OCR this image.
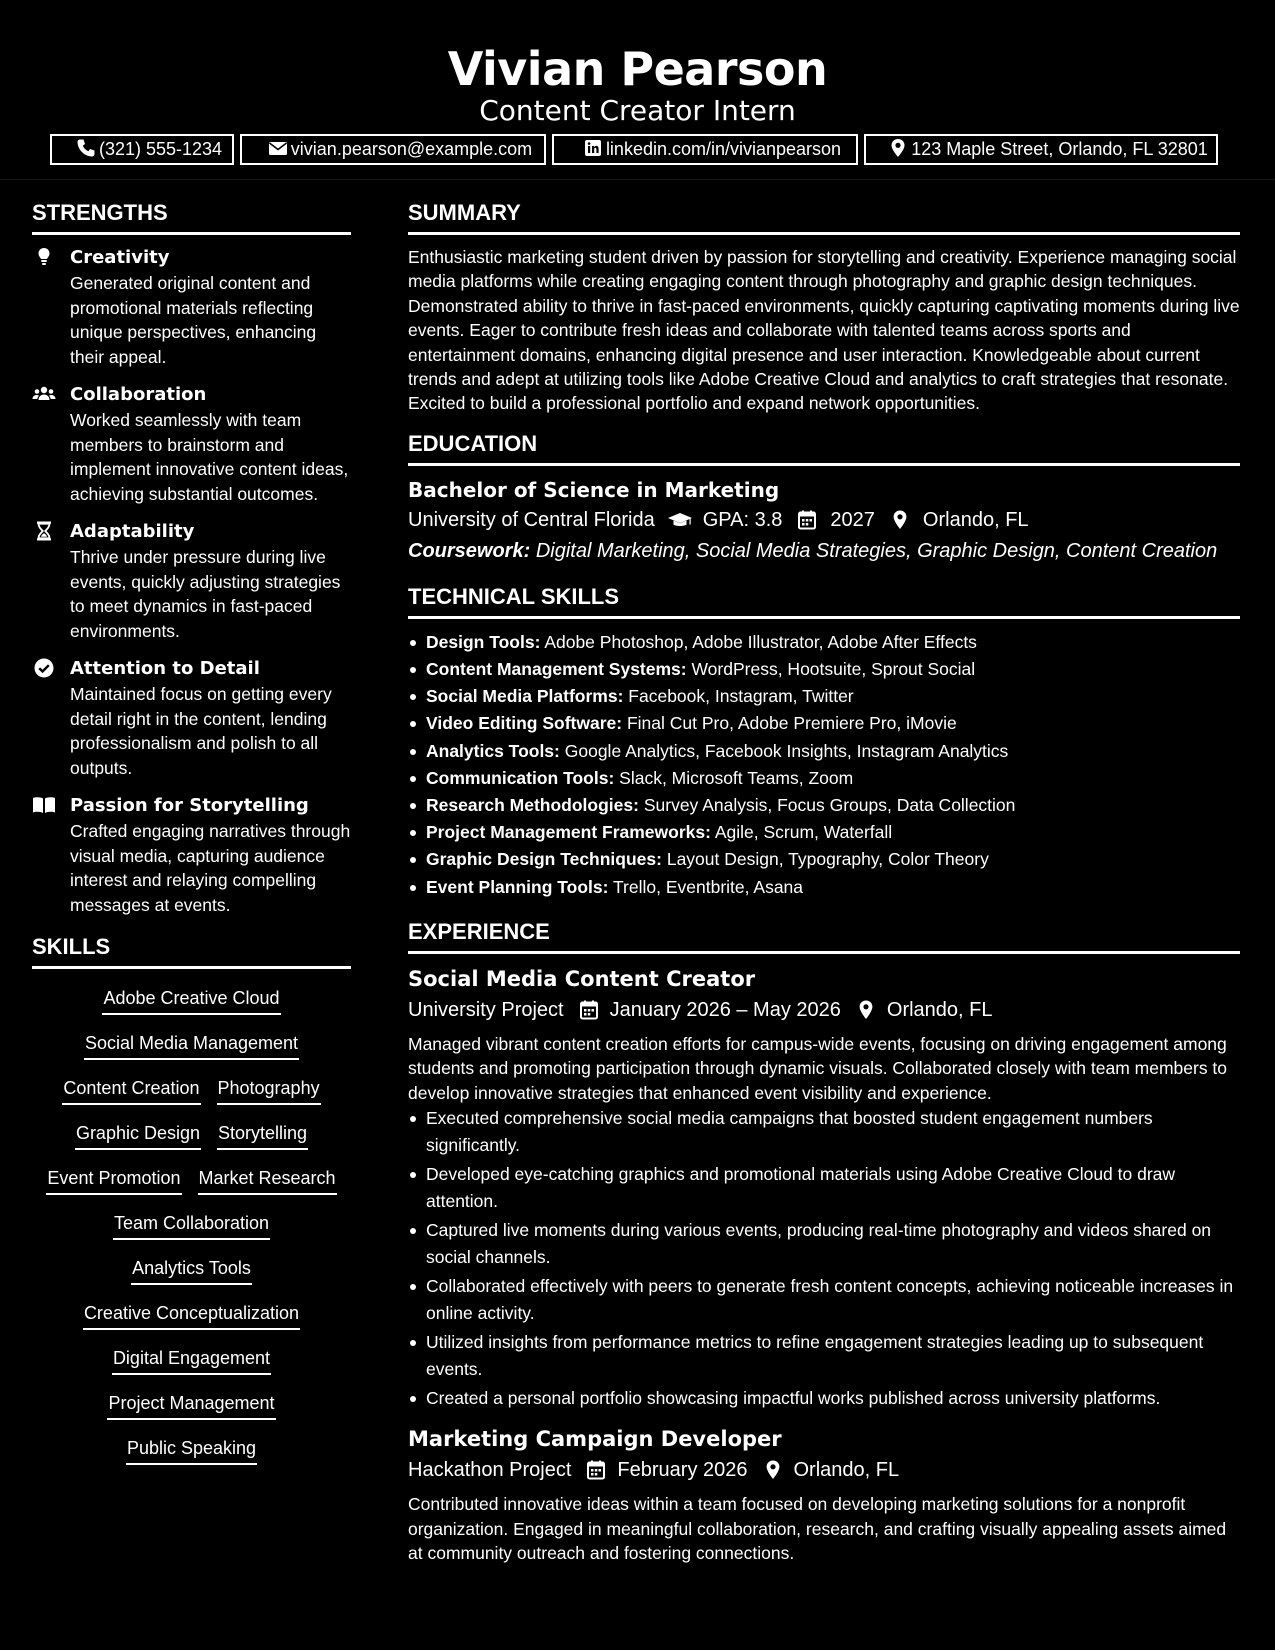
Vivian Pearson
Content Creator Intern
(321) 555-1234	vivian.pearson@example.com	linkedin.com/in/vivianpearson	123 Maple Street, Orlando, FL 32801
STRENGTHS
Creativity
Generated original content and promotional materials reflecting unique perspectives, enhancing their appeal.
Collaboration
Worked seamlessly with team members to brainstorm and implement innovative content ideas, achieving substantial outcomes.
Adaptability
Thrive under pressure during live events, quickly adjusting strategies to meet dynamics in fast-paced environments.
Attention to Detail
Maintained focus on getting every detail right in the content, lending professionalism and polish to all outputs.
Passion for Storytelling
Crafted engaging narratives through visual media, capturing audience interest and relaying compelling messages at events.
SKILLS
Adobe Creative Cloud
Social Media Management
Content Creation Photography
Graphic Design Storytelling
Event Promotion Market Research
Team Collaboration
Analytics Tools
Creative Conceptualization
Digital Engagement
Project Management
Public Speaking
SUMMARY
Enthusiastic marketing student driven by passion for storytelling and creativity. Experience managing social media platforms while creating engaging content through photography and graphic design techniques. Demonstrated ability to thrive in fast-paced environments, quickly capturing captivating moments during live events. Eager to contribute fresh ideas and collaborate with talented teams across sports and entertainment domains, enhancing digital presence and user interaction. Knowledgeable about current trends and adept at utilizing tools like Adobe Creative Cloud and analytics to craft strategies that resonate. Excited to build a professional portfolio and expand network opportunities.
EDUCATION
Bachelor of Science in Marketing
University of Central Florida GPA: 3.8 2027 Orlando, FL
Coursework: Digital Marketing, Social Media Strategies, Graphic Design, Content Creation
TECHNICAL SKILLS
Design Tools: Adobe Photoshop, Adobe Illustrator, Adobe After Effects
Content Management Systems: WordPress, Hootsuite, Sprout Social
Social Media Platforms: Facebook, Instagram, Twitter
Video Editing Software: Final Cut Pro, Adobe Premiere Pro, iMovie
Analytics Tools: Google Analytics, Facebook Insights, Instagram Analytics
Communication Tools: Slack, Microsoft Teams, Zoom
Research Methodologies: Survey Analysis, Focus Groups, Data Collection
Project Management Frameworks: Agile, Scrum, Waterfall
Graphic Design Techniques: Layout Design, Typography, Color Theory
Event Planning Tools: Trello, Eventbrite, Asana
EXPERIENCE
Social Media Content Creator
University Project January 2026 – May 2026 Orlando, FL
Managed vibrant content creation efforts for campus-wide events, focusing on driving engagement among students and promoting participation through dynamic visuals. Collaborated closely with team members to develop innovative strategies that enhanced event visibility and experience.
Executed comprehensive social media campaigns that boosted student engagement numbers significantly.
Developed eye-catching graphics and promotional materials using Adobe Creative Cloud to draw attention.
Captured live moments during various events, producing real-time photography and videos shared on social channels.
Collaborated effectively with peers to generate fresh content concepts, achieving noticeable increases in online activity.
Utilized insights from performance metrics to refine engagement strategies leading up to subsequent events.
Created a personal portfolio showcasing impactful works published across university platforms.
Marketing Campaign Developer
Hackathon Project February 2026 Orlando, FL
Contributed innovative ideas within a team focused on developing marketing solutions for a nonprofit organization. Engaged in meaningful collaboration, research, and crafting visually appealing assets aimed at community outreach and fostering connections.
